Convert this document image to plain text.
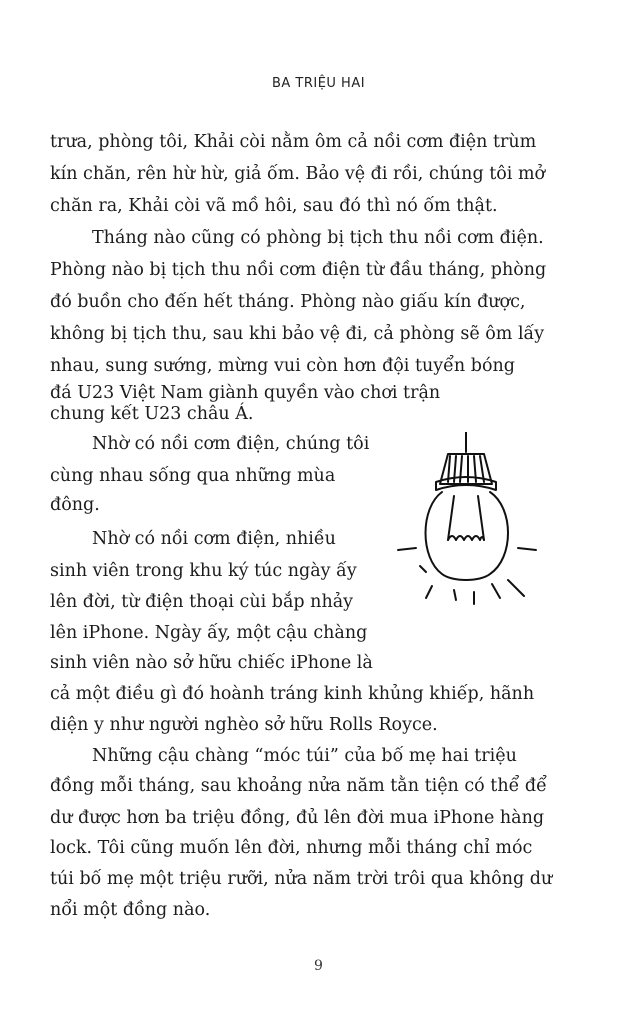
BA TRIỆU HAI
trưa, phòng tôi, Khải còi nằm ôm cả nồi cơm điện trùm
kín chăn, rên hừ hừ, giả ốm. Bảo vệ đi rồi, chúng tôi mở
chăn ra, Khải còi vã mồ hôi, sau đó thì nó ốm thật.
Tháng nào cũng có phòng bị tịch thu nồi cơm điện.
Phòng nào bị tịch thu nồi cơm điện từ đầu tháng, phòng
đó buồn cho đến hết tháng. Phòng nào giấu kín được,
không bị tịch thu, sau khi bảo vệ đi, cả phòng sẽ ôm lấy
nhau, sung sướng, mừng vui còn hơn đội tuyển bóng
đá U23 Việt Nam giành quyền vào chơi trận
chung kết U23 châu Á.
Nhờ có nồi cơm điện, chúng tôi
cùng nhau sống qua những mùa
đông.
Nhờ có nồi cơm điện, nhiều
sinh viên trong khu ký túc ngày ấy
lên đời, từ điện thoại cùi bắp nhảy
lên iPhone. Ngày ấy, một cậu chàng
sinh viên nào sở hữu chiếc iPhone là
cả một điều gì đó hoành tráng kinh khủng khiếp, hãnh
diện y như người nghèo sở hữu Rolls Royce.
Những cậu chàng “móc túi” của bố mẹ hai triệu
đồng mỗi tháng, sau khoảng nửa năm tằn tiện có thể để
dư được hơn ba triệu đồng, đủ lên đời mua iPhone hàng
lock. Tôi cũng muốn lên đời, nhưng mỗi tháng chỉ móc
túi bố mẹ một triệu rưỡi, nửa năm trời trôi qua không dư
nổi một đồng nào.
9
